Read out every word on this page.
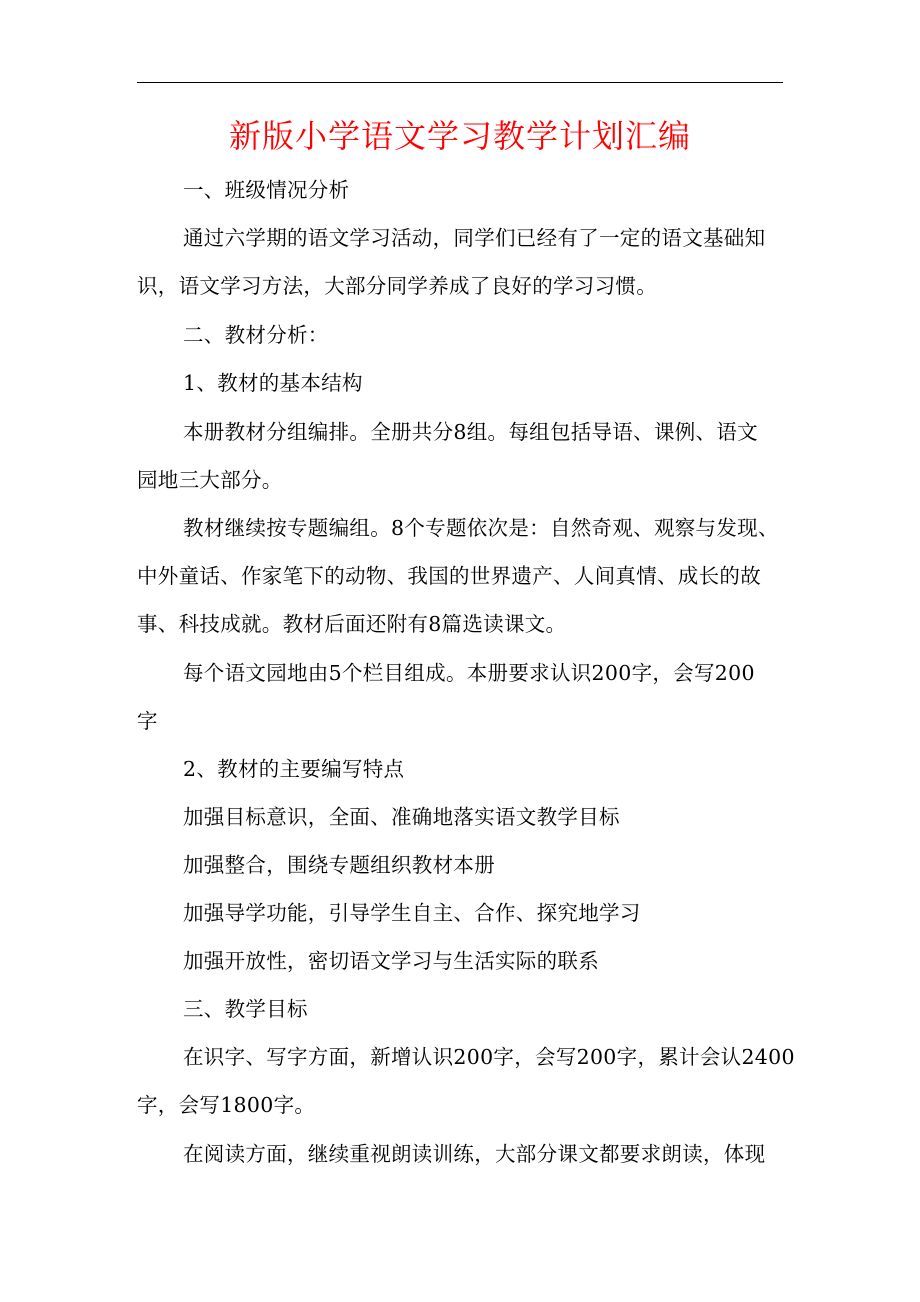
新版小学语文学习教学计划汇编
一、班级情况分析
通过六学期的语文学习活动，同学们已经有了一定的语文基础知
识，语文学习方法，大部分同学养成了良好的学习习惯。
二、教材分析：
1、教材的基本结构
本册教材分组编排。全册共分8组。每组包括导语、课例、语文
园地三大部分。
教材继续按专题编组。8个专题依次是：自然奇观、观察与发现、
中外童话、作家笔下的动物、我国的世界遗产、人间真情、成长的故
事、科技成就。教材后面还附有8篇选读课文。
每个语文园地由5个栏目组成。本册要求认识200字，会写200
字
2、教材的主要编写特点
加强目标意识，全面、准确地落实语文教学目标
加强整合，围绕专题组织教材本册
加强导学功能，引导学生自主、合作、探究地学习
加强开放性，密切语文学习与生活实际的联系
三、教学目标
在识字、写字方面，新增认识200字，会写200字，累计会认2400
字，会写1800字。
在阅读方面，继续重视朗读训练，大部分课文都要求朗读，体现
